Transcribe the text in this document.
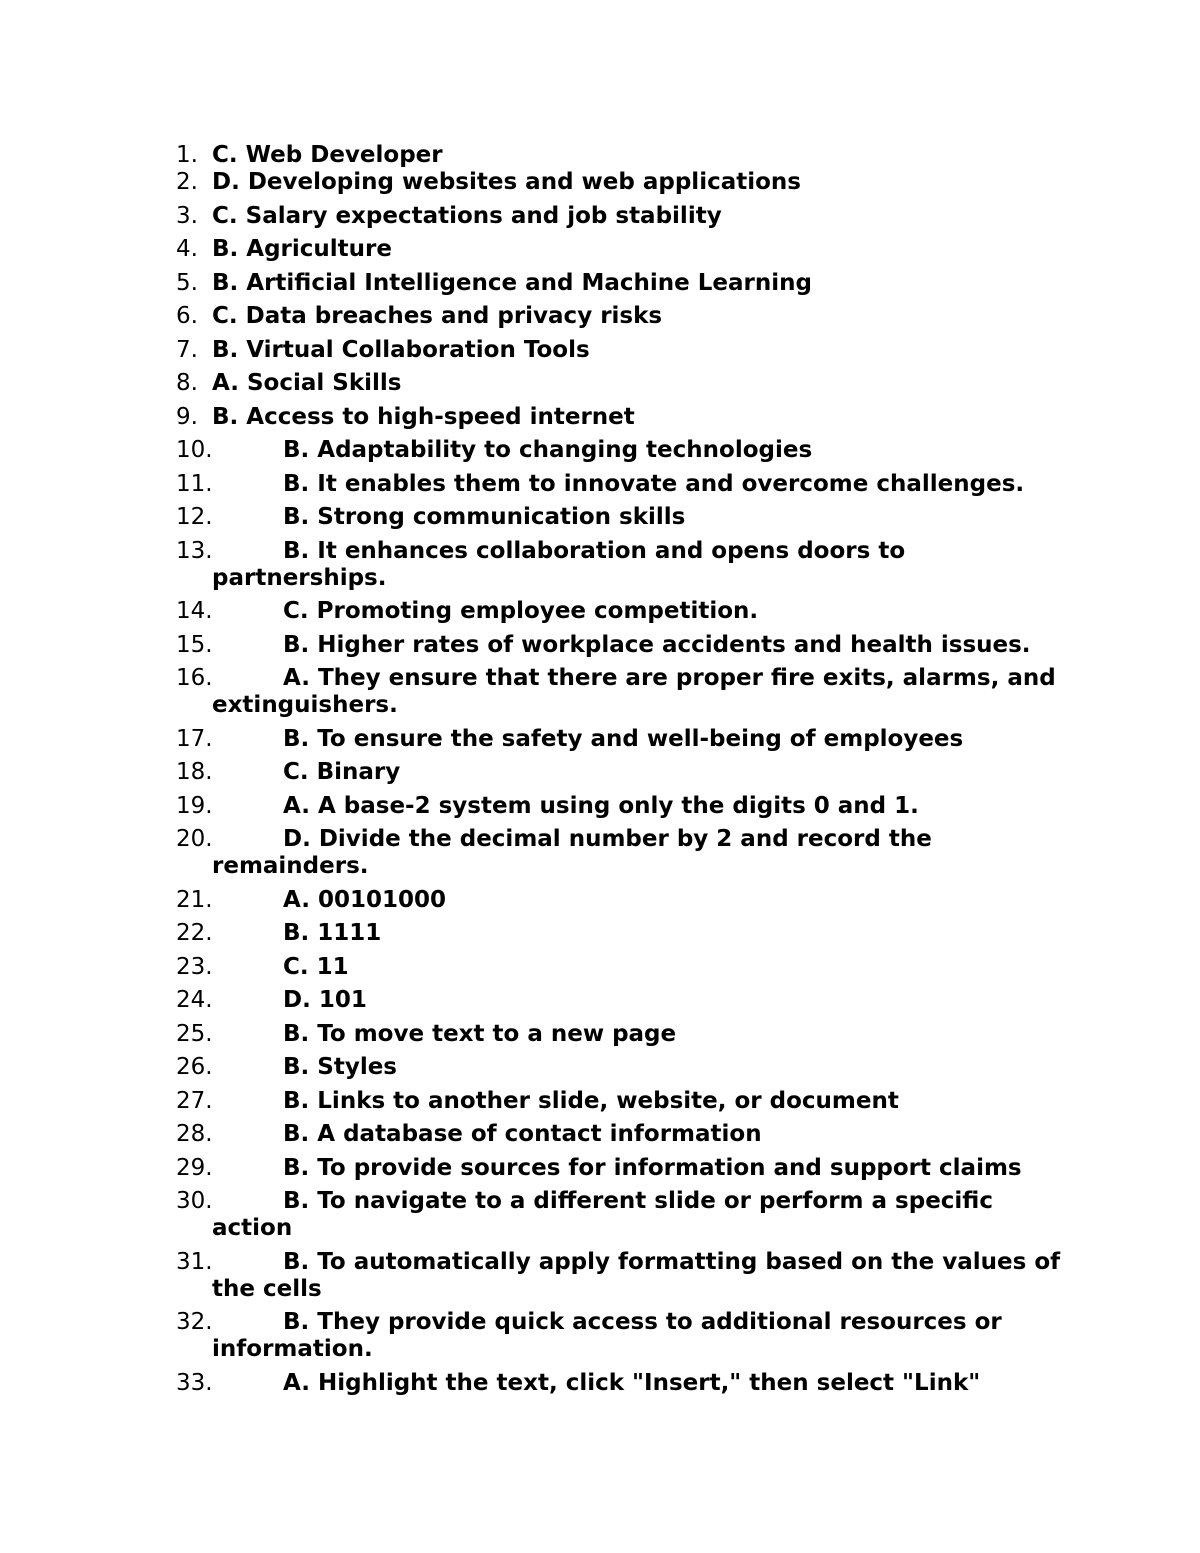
1. C. Web Developer
2. D. Developing websites and web applications
3. C. Salary expectations and job stability
4. B. Agriculture
5. B. Artificial Intelligence and Machine Learning
6. C. Data breaches and privacy risks
7. B. Virtual Collaboration Tools
8. A. Social Skills
9. B. Access to high-speed internet
10.	B. Adaptability to changing technologies
11.	B. It enables them to innovate and overcome challenges.
12.	B. Strong communication skills
13.	B. It enhances collaboration and opens doors to partnerships.
14.	C. Promoting employee competition.
15.	B. Higher rates of workplace accidents and health issues.
16.	A. They ensure that there are proper fire exits, alarms, and extinguishers.
17.	B. To ensure the safety and well-being of employees
18.	C. Binary
19.	A. A base-2 system using only the digits 0 and 1.
20.	D. Divide the decimal number by 2 and record the remainders.
21.	A. 00101000
22.	B. 1111
23.	C. 11
24.	D. 101
25.	B. To move text to a new page
26.	B. Styles
27.	B. Links to another slide, website, or document
28.	B. A database of contact information
29.	B. To provide sources for information and support claims
30.	B. To navigate to a different slide or perform a specific action
31.	B. To automatically apply formatting based on the values of the cells
32.	B. They provide quick access to additional resources or information.
33.	A. Highlight the text, click "Insert," then select "Link"
